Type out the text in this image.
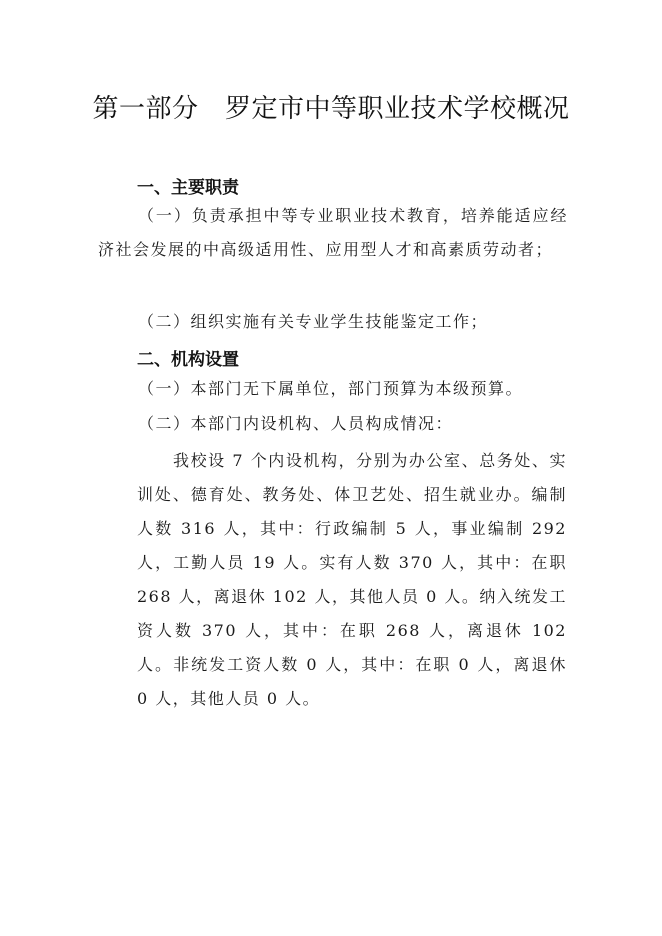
第一部分　罗定市中等职业技术学校概况
一、主要职责
（一）负责承担中等专业职业技术教育，培养能适应经济社会发展的中高级适用性、应用型人才和高素质劳动者；
（二）组织实施有关专业学生技能鉴定工作；
二、机构设置
（一）本部门无下属单位，部门预算为本级预算。
（二）本部门内设机构、人员构成情况：
我校设 7 个内设机构，分别为办公室、总务处、实训处、德育处、教务处、体卫艺处、招生就业办。编制人数 316 人，其中：行政编制 5 人，事业编制 292 人，工勤人员 19 人。实有人数 370 人，其中：在职 268 人，离退休 102 人，其他人员 0 人。纳入统发工资人数 370 人，其中：在职 268 人，离退休 102 人。非统发工资人数 0 人，其中：在职 0 人，离退休 0 人，其他人员 0 人。
